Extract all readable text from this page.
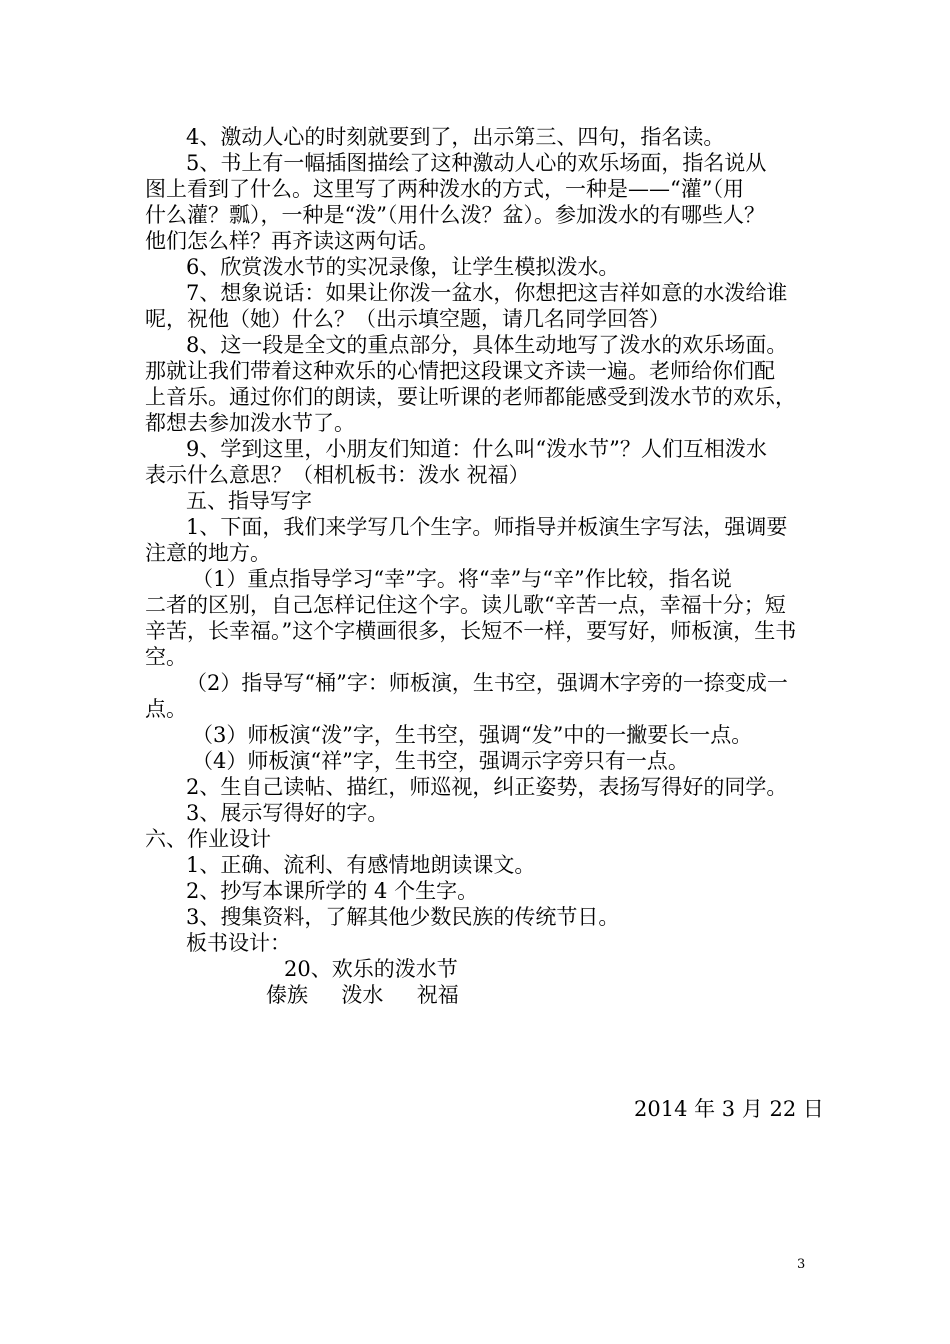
4、激动人心的时刻就要到了，出示第三、四句，指名读。
5、书上有一幅插图描绘了这种激动人心的欢乐场面，指名说从
图上看到了什么。这里写了两种泼水的方式，一种是——“灌”（用
什么灌？瓢），一种是“泼”（用什么泼？盆）。参加泼水的有哪些人？
他们怎么样？再齐读这两句话。
6、欣赏泼水节的实况录像，让学生模拟泼水。
7、想象说话：如果让你泼一盆水，你想把这吉祥如意的水泼给谁
呢，祝他（她）什么？（出示填空题，请几名同学回答）
8、这一段是全文的重点部分，具体生动地写了泼水的欢乐场面。
那就让我们带着这种欢乐的心情把这段课文齐读一遍。老师给你们配
上音乐。通过你们的朗读，要让听课的老师都能感受到泼水节的欢乐，
都想去参加泼水节了。
9、学到这里，小朋友们知道：什么叫“泼水节”？人们互相泼水
表示什么意思？（相机板书：泼水 祝福）
五、指导写字
1、下面，我们来学写几个生字。师指导并板演生字写法，强调要
注意的地方。
（1）重点指导学习“幸”字。将“幸”与“辛”作比较，指名说
二者的区别，自己怎样记住这个字。读儿歌“辛苦一点，幸福十分；短
辛苦，长幸福。”这个字横画很多，长短不一样，要写好，师板演，生书
空。
（2）指导写“桶”字：师板演，生书空，强调木字旁的一捺变成一
点。
（3）师板演“泼”字，生书空，强调“发”中的一撇要长一点。
（4）师板演“祥”字，生书空，强调示字旁只有一点。
2、生自己读帖、描红，师巡视，纠正姿势，表扬写得好的同学。
3、展示写得好的字。
六、作业设计
1、正确、流利、有感情地朗读课文。
2、抄写本课所学的 4 个生字。
3、搜集资料，了解其他少数民族的传统节日。
板书设计：
20、欢乐的泼水节
傣族     泼水     祝福
2014 年 3 月 22 日
3
